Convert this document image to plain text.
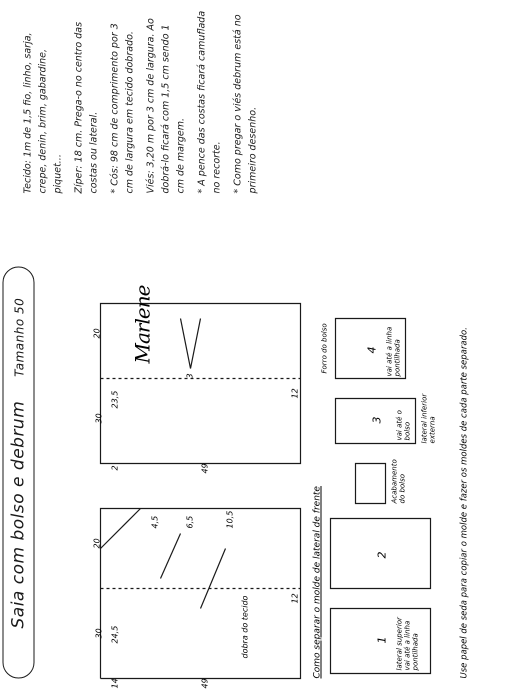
Saia com bolso e debrum Tamanho 50
20
14
30 24,5
4,5	6,5	10,5
dobra do tecido	12
49
20
30
23,5
3
2
12
49
Marlene
Como separar o molde de lateral de frente	1 lateral superior vai até a linha pontilhada
2
Acabamento do bolso
3	lateral inferior externa
vai até o bolso
Forro do bolso	vai até a linha pontilhada
4	Use papel de seda para copiar o molde e fazer os moldes de cada parte separado.

Tecido: 1m de 1,5 fio, linho, sarja, crepe, denin, brim, gabardine, piquet... Zíper: 18 cm. Prega-o no centro das costas ou lateral. * Cós: 98 cm de comprimento por 3 cm de largura em tecido dobrado. Viés: 3,20 m por 3 cm de largura. Ao dobrá-lo ficará com 1,5 cm sendo 1 cm de margem. * A pence das costas ficará camuflada no recorte. * Como pregar o viés debrum está no primeiro desenho.
